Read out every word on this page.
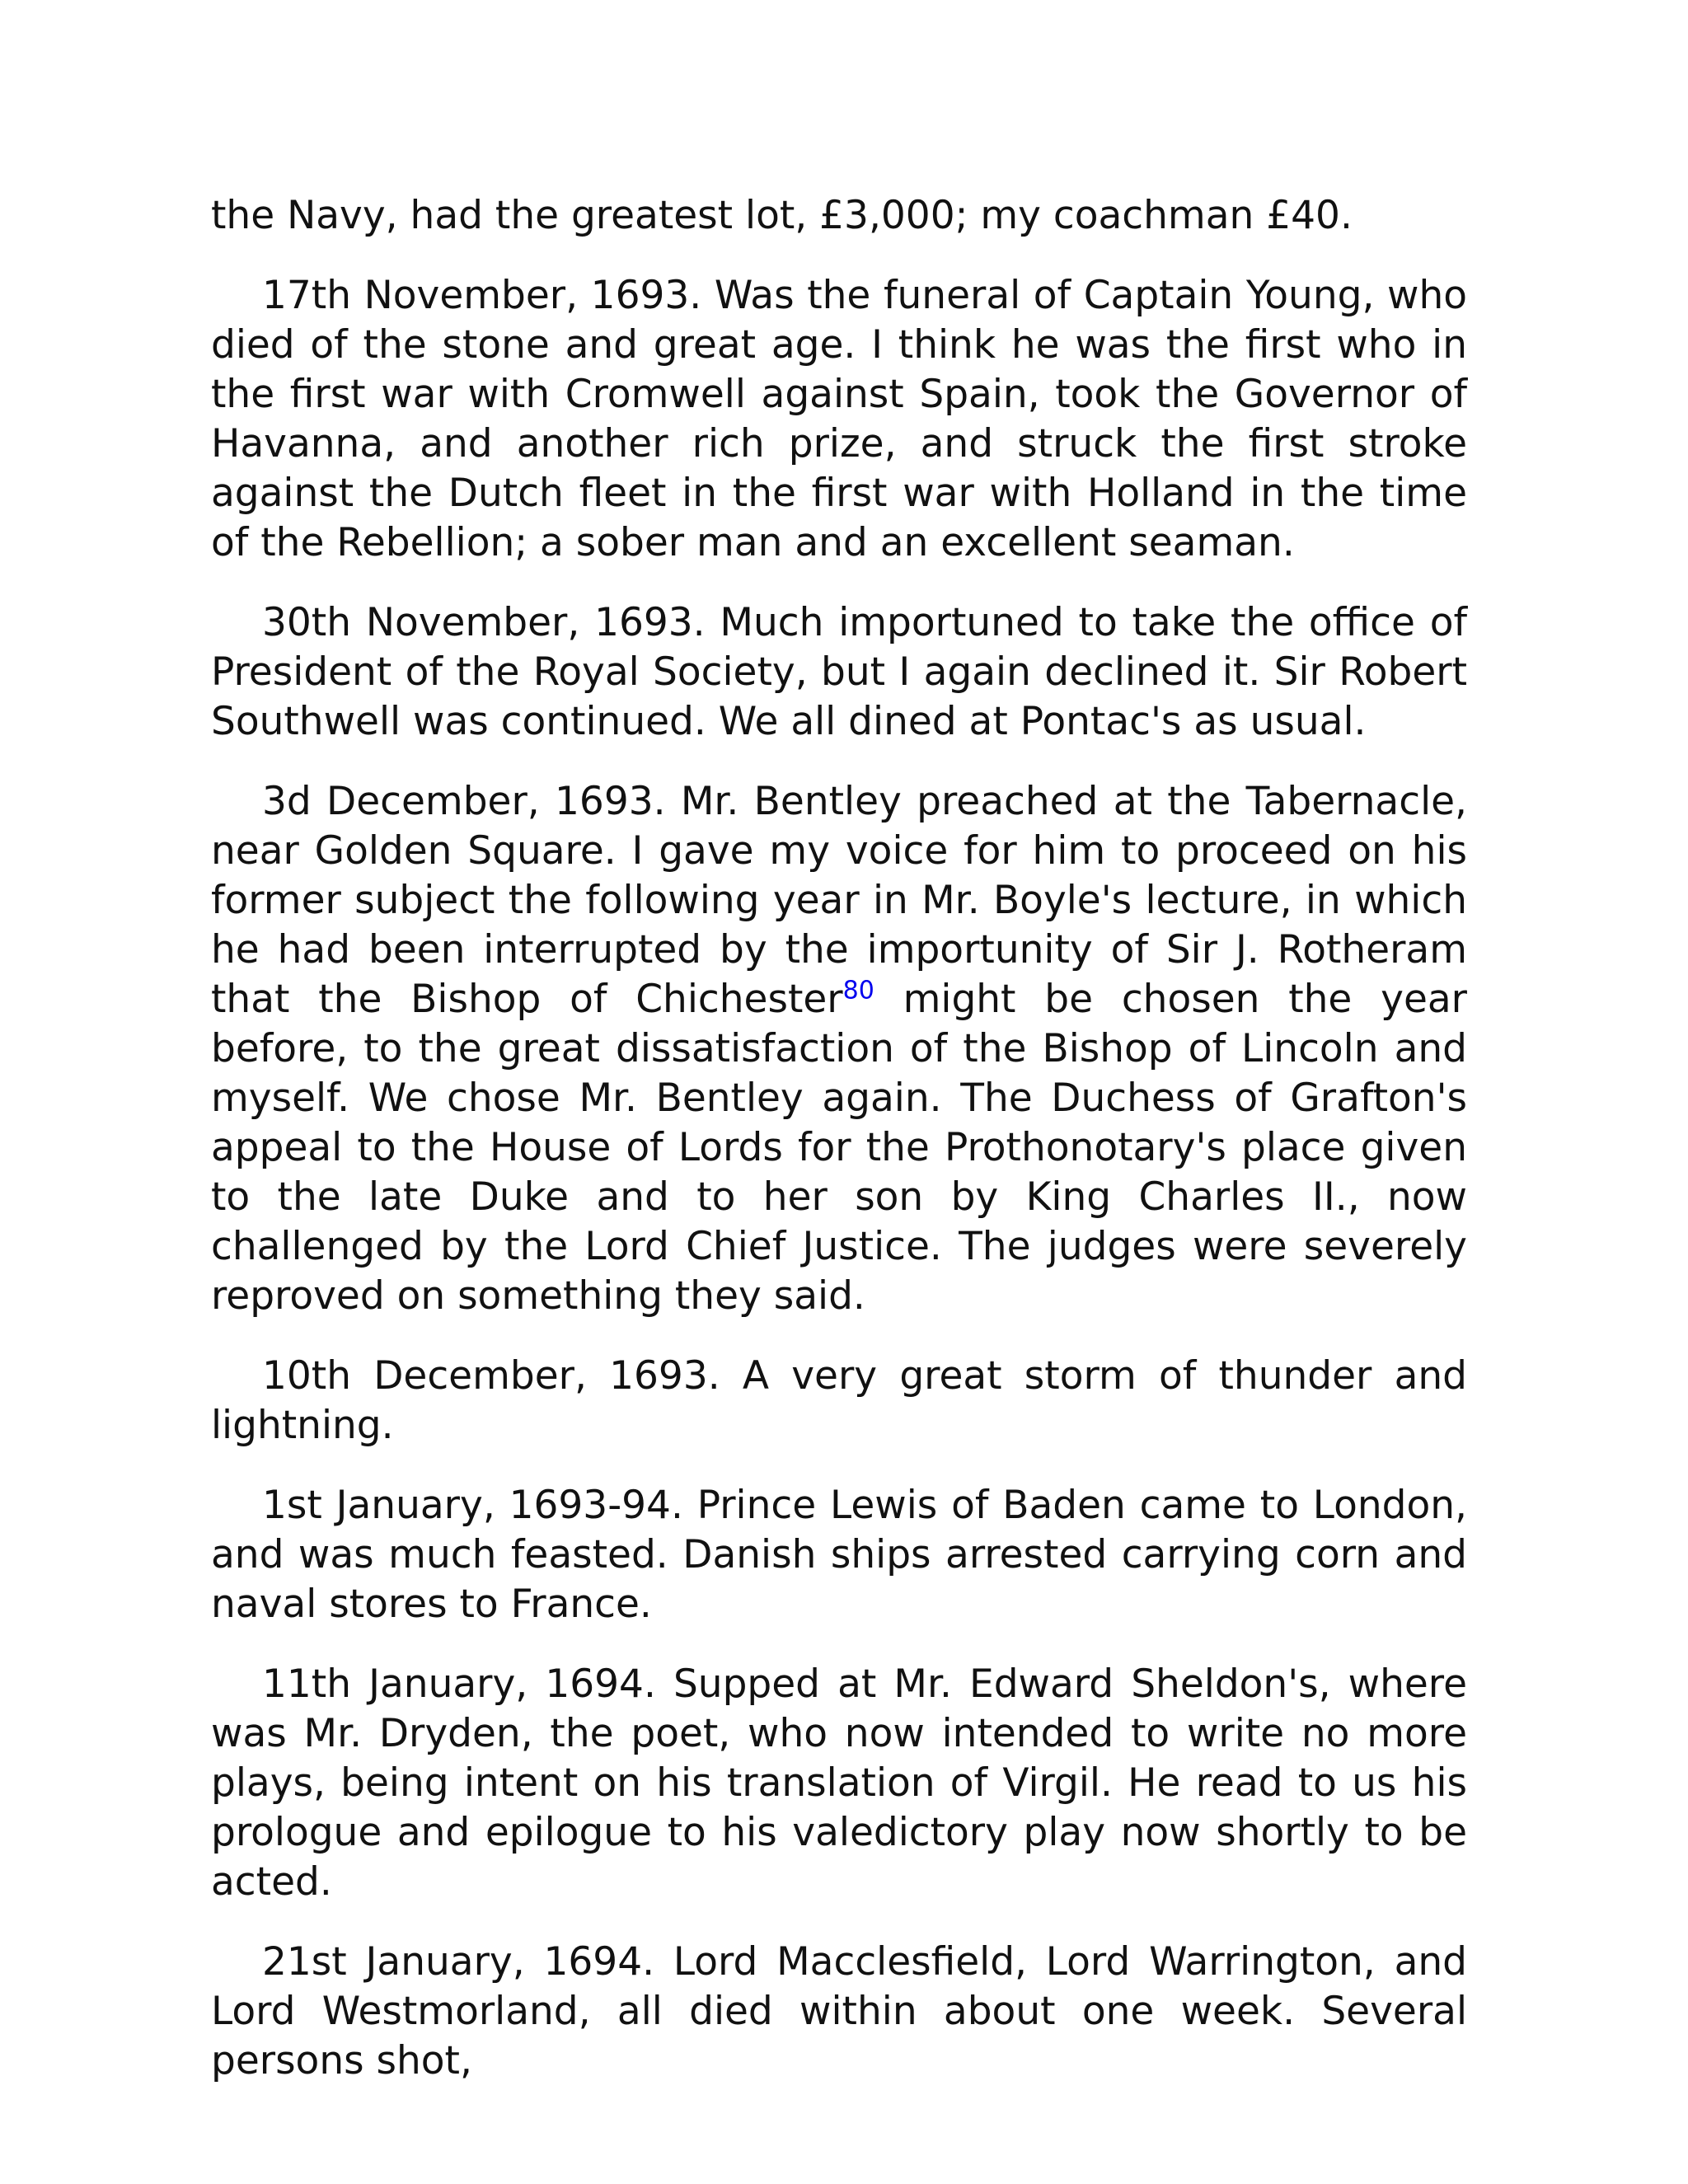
the Navy, had the greatest lot, £3,000; my coachman £40.

17th November, 1693. Was the funeral of Captain Young, who died of the stone and great age. I think he was the first who in the first war with Cromwell against Spain, took the Governor of Havanna, and another rich prize, and struck the first stroke against the Dutch fleet in the first war with Holland in the time of the Rebellion; a sober man and an excellent seaman.

30th November, 1693. Much importuned to take the office of President of the Royal Society, but I again declined it. Sir Robert Southwell was continued. We all dined at Pontac's as usual.

3d December, 1693. Mr. Bentley preached at the Tabernacle, near Golden Square. I gave my voice for him to proceed on his former subject the following year in Mr. Boyle's lecture, in which he had been interrupted by the importunity of Sir J. Rotheram that the Bishop of Chichester$^{80}$ might be chosen the year before, to the great dissatisfaction of the Bishop of Lincoln and myself. We chose Mr. Bentley again. The Duchess of Grafton's appeal to the House of Lords for the Prothonotary's place given to the late Duke and to her son by King Charles II., now challenged by the Lord Chief Justice. The judges were severely reproved on something they said.

10th December, 1693. A very great storm of thunder and lightning.

1st January, 1693-94. Prince Lewis of Baden came to London, and was much feasted. Danish ships arrested carrying corn and naval stores to France.

11th January, 1694. Supped at Mr. Edward Sheldon's, where was Mr. Dryden, the poet, who now intended to write no more plays, being intent on his translation of Virgil. He read to us his prologue and epilogue to his valedictory play now shortly to be acted.

21st January, 1694. Lord Macclesfield, Lord Warrington, and Lord Westmorland, all died within about one week. Several persons shot,
